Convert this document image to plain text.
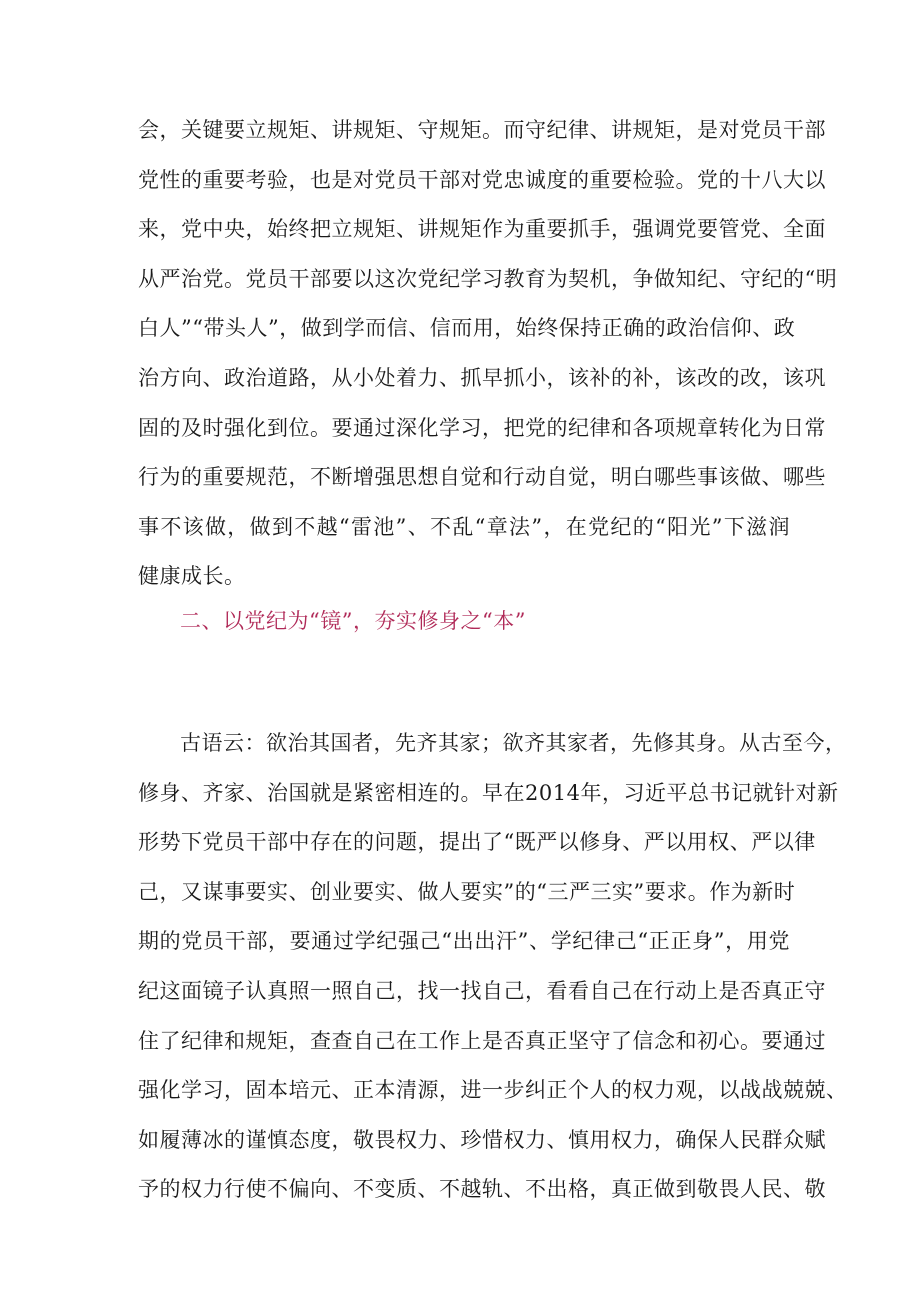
会，关键要立规矩、讲规矩、守规矩。而守纪律、讲规矩，是对党员干部
党性的重要考验，也是对党员干部对党忠诚度的重要检验。党的十八大以
来，党中央，始终把立规矩、讲规矩作为重要抓手，强调党要管党、全面
从严治党。党员干部要以这次党纪学习教育为契机，争做知纪、守纪的“明
白人”“带头人”，做到学而信、信而用，始终保持正确的政治信仰、政
治方向、政治道路，从小处着力、抓早抓小，该补的补，该改的改，该巩
固的及时强化到位。要通过深化学习，把党的纪律和各项规章转化为日常
行为的重要规范，不断增强思想自觉和行动自觉，明白哪些事该做、哪些
事不该做，做到不越“雷池”、不乱“章法”，在党纪的“阳光”下滋润
健康成长。
二、以党纪为“镜”，夯实修身之“本”
古语云：欲治其国者，先齐其家；欲齐其家者，先修其身。从古至今，
修身、齐家、治国就是紧密相连的。早在2014年，习近平总书记就针对新
形势下党员干部中存在的问题，提出了“既严以修身、严以用权、严以律
己，又谋事要实、创业要实、做人要实”的“三严三实”要求。作为新时
期的党员干部，要通过学纪强己“出出汗”、学纪律己“正正身”，用党
纪这面镜子认真照一照自己，找一找自己，看看自己在行动上是否真正守
住了纪律和规矩，查查自己在工作上是否真正坚守了信念和初心。要通过
强化学习，固本培元、正本清源，进一步纠正个人的权力观，以战战兢兢、
如履薄冰的谨慎态度，敬畏权力、珍惜权力、慎用权力，确保人民群众赋
予的权力行使不偏向、不变质、不越轨、不出格，真正做到敬畏人民、敬
